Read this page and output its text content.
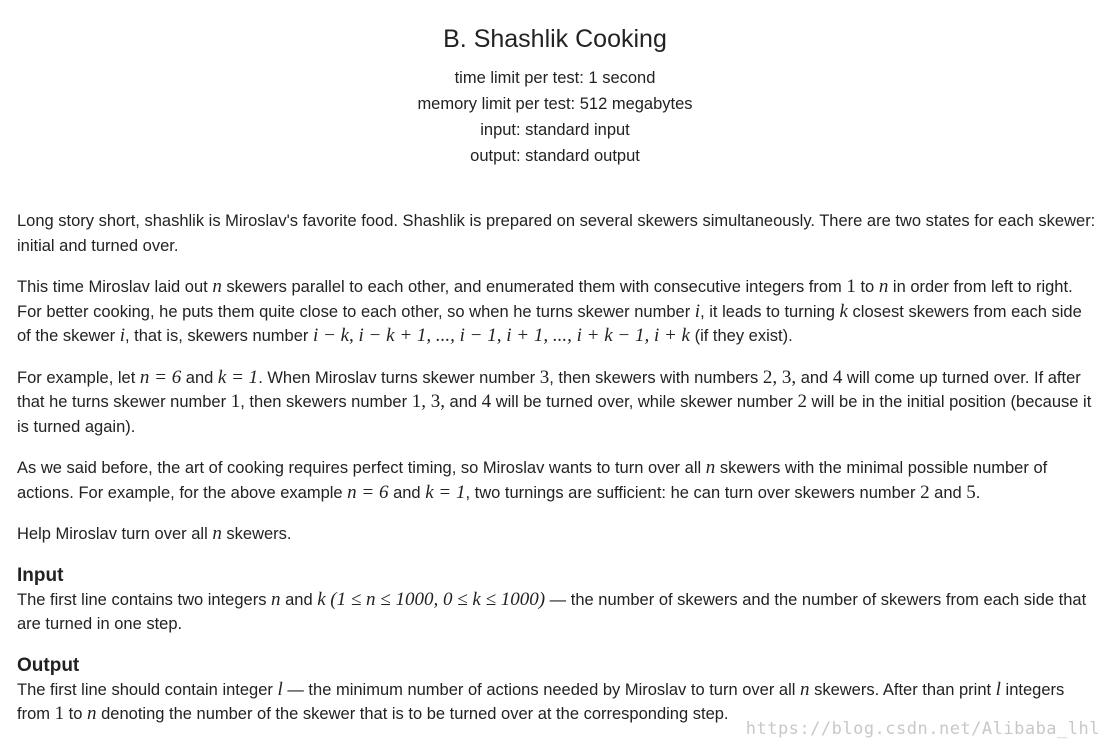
B. Shashlik Cooking
time limit per test: 1 second
memory limit per test: 512 megabytes
input: standard input
output: standard output

Long story short, shashlik is Miroslav's favorite food. Shashlik is prepared on several skewers simultaneously. There are two states for each skewer: initial and turned over.

This time Miroslav laid out n skewers parallel to each other, and enumerated them with consecutive integers from 1 to n in order from left to right. For better cooking, he puts them quite close to each other, so when he turns skewer number i, it leads to turning k closest skewers from each side of the skewer i, that is, skewers number i − k, i − k + 1, ..., i − 1, i + 1, ..., i + k − 1, i + k (if they exist).

For example, let n = 6 and k = 1. When Miroslav turns skewer number 3, then skewers with numbers 2, 3, and 4 will come up turned over. If after that he turns skewer number 1, then skewers number 1, 3, and 4 will be turned over, while skewer number 2 will be in the initial position (because it is turned again).

As we said before, the art of cooking requires perfect timing, so Miroslav wants to turn over all n skewers with the minimal possible number of actions. For example, for the above example n = 6 and k = 1, two turnings are sufficient: he can turn over skewers number 2 and 5.

Help Miroslav turn over all n skewers.

Input

The first line contains two integers n and k (1 ≤ n ≤ 1000, 0 ≤ k ≤ 1000) — the number of skewers and the number of skewers from each side that are turned in one step.

Output

The first line should contain integer l — the minimum number of actions needed by Miroslav to turn over all n skewers. After than print l integers from 1 to n denoting the number of the skewer that is to be turned over at the corresponding step.

https://blog.csdn.net/Alibaba_lhl
